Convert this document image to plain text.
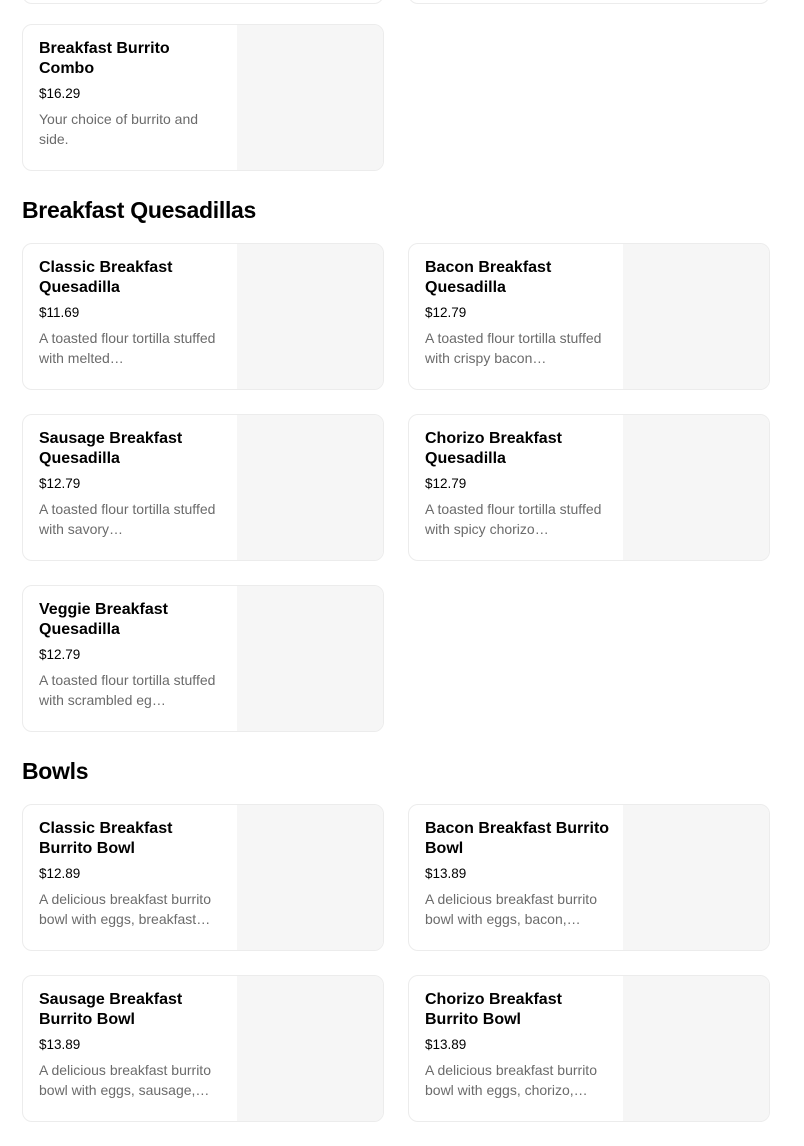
Breakfast Burrito Combo
$16.29
Your choice of burrito and side.
Breakfast Quesadillas
Classic Breakfast Quesadilla
$11.69
A toasted flour tortilla stuffed with melted…
Bacon Breakfast Quesadilla
$12.79
A toasted flour tortilla stuffed with crispy bacon…
Sausage Breakfast Quesadilla
$12.79
A toasted flour tortilla stuffed with savory…
Chorizo Breakfast Quesadilla
$12.79
A toasted flour tortilla stuffed with spicy chorizo…
Veggie Breakfast Quesadilla
$12.79
A toasted flour tortilla stuffed with scrambled eg…
Bowls
Classic Breakfast Burrito Bowl
$12.89
A delicious breakfast burrito bowl with eggs, breakfast…
Bacon Breakfast Burrito Bowl
$13.89
A delicious breakfast burrito bowl with eggs, bacon,…
Sausage Breakfast Burrito Bowl
$13.89
A delicious breakfast burrito bowl with eggs, sausage,…
Chorizo Breakfast Burrito Bowl
$13.89
A delicious breakfast burrito bowl with eggs, chorizo,…
